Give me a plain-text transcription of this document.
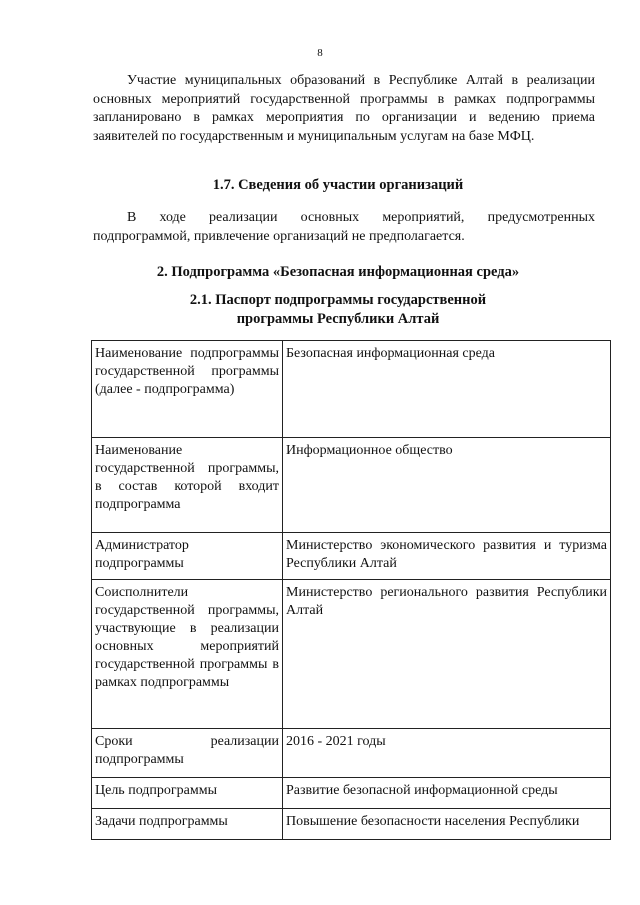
8

Участие муниципальных образований в Республике Алтай в реализации основных мероприятий государственной программы в рамках подпрограммы запланировано в рамках мероприятия по организации и ведению приема заявителей по государственным и муниципальным услугам на базе МФЦ.

1.7. Сведения об участии организаций

В ходе реализации основных мероприятий, предусмотренных подпрограммой, привлечение организаций не предполагается.

2. Подпрограмма «Безопасная информационная среда»
2.1. Паспорт подпрограммы государственной
программы Республики Алтай
Наименование подпрограммы государственной программы (далее - подпрограмма)	Безопасная информационная среда
Наименование государственной программы, в состав которой входит подпрограмма	Информационное общество
Администратор подпрограммы	Министерство экономического развития и туризма Республики Алтай
Соисполнители государственной программы, участвующие в реализации основных мероприятий государственной программы в рамках подпрограммы	Министерство регионального развития Республики Алтай
Сроки реализации подпрограммы	2016 - 2021 годы
Цель подпрограммы	Развитие безопасной информационной среды
Задачи подпрограммы	Повышение безопасности населения Республики
